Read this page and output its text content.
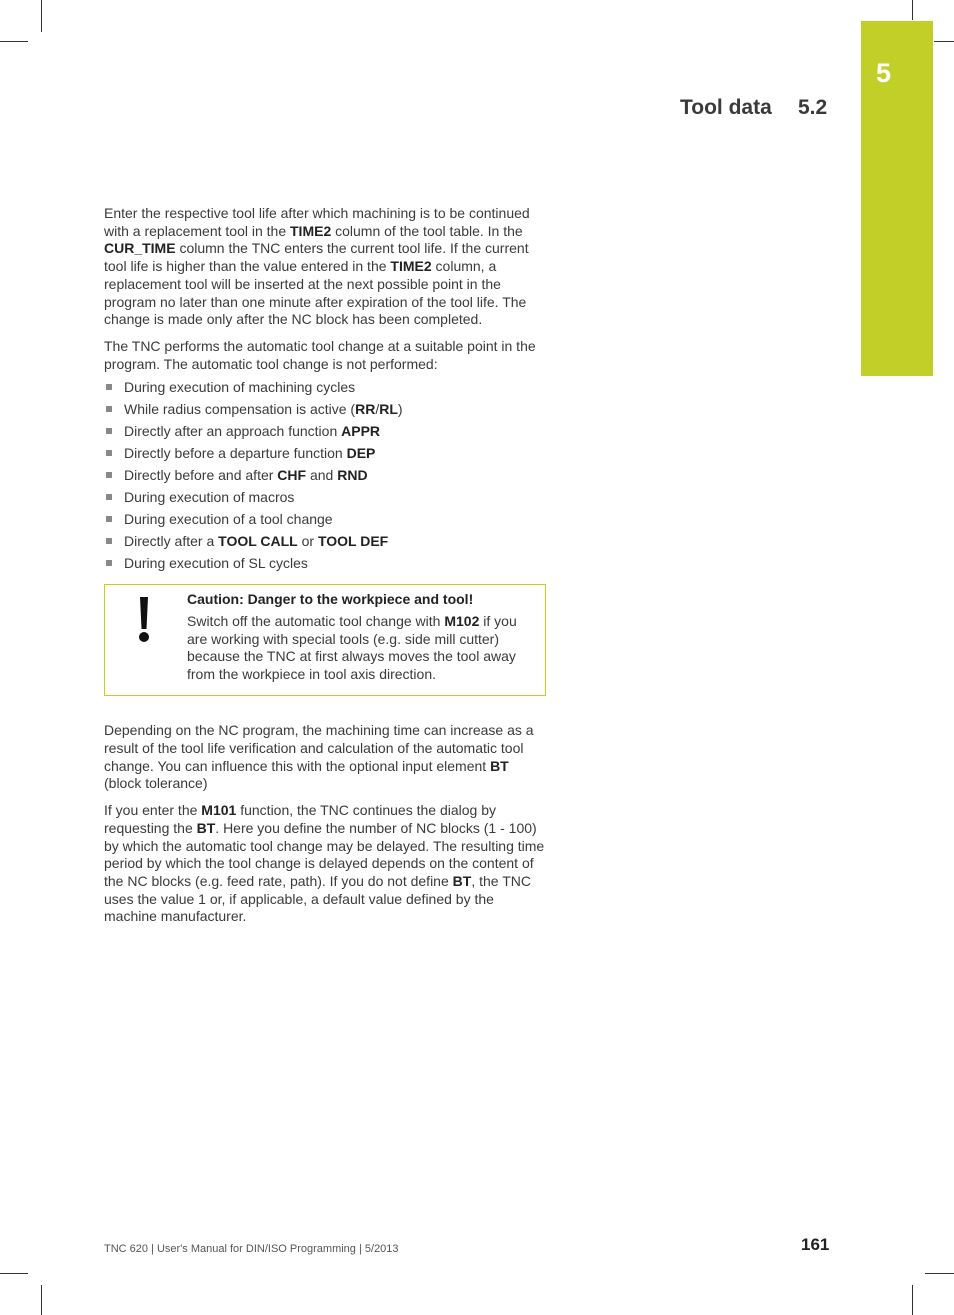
5
Tool data 5.2

Enter the respective tool life after which machining is to be continued with a replacement tool in the TIME2 column of the tool table. In the CUR_TIME column the TNC enters the current tool life. If the current tool life is higher than the value entered in the TIME2 column, a replacement tool will be inserted at the next possible point in the program no later than one minute after expiration of the tool life. The change is made only after the NC block has been completed.

The TNC performs the automatic tool change at a suitable point in the program. The automatic tool change is not performed:

During execution of machining cycles
While radius compensation is active (RR/RL)
Directly after an approach function APPR
Directly before a departure function DEP
Directly before and after CHF and RND
During execution of macros
During execution of a tool change
Directly after a TOOL CALL or TOOL DEF
During execution of SL cycles
Caution: Danger to the workpiece and tool!
Switch off the automatic tool change with M102 if you are working with special tools (e.g. side mill cutter) because the TNC at first always moves the tool away from the workpiece in tool axis direction.

Depending on the NC program, the machining time can increase as a result of the tool life verification and calculation of the automatic tool change. You can influence this with the optional input element BT (block tolerance)

If you enter the M101 function, the TNC continues the dialog by requesting the BT. Here you define the number of NC blocks (1 - 100) by which the automatic tool change may be delayed. The resulting time period by which the tool change is delayed depends on the content of the NC blocks (e.g. feed rate, path). If you do not define BT, the TNC uses the value 1 or, if applicable, a default value defined by the machine manufacturer.

TNC 620 | User's Manual for DIN/ISO Programming | 5/2013	161
